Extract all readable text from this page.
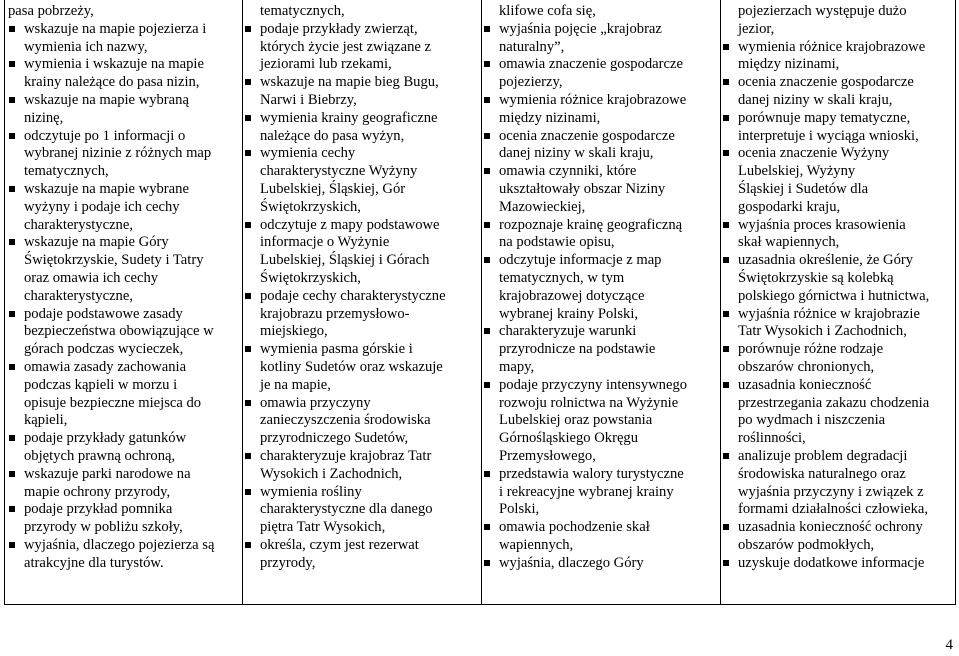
pasa pobrzeży,
wskazuje na mapie pojezierza i
wymienia ich nazwy,
wymienia i wskazuje na mapie
krainy należące do pasa nizin,
wskazuje na mapie wybraną
nizinę,
odczytuje po 1 informacji o
wybranej nizinie z różnych map
tematycznych,
wskazuje na mapie wybrane
wyżyny i podaje ich cechy
charakterystyczne,
wskazuje na mapie Góry
Świętokrzyskie, Sudety i Tatry
oraz omawia ich cechy
charakterystyczne,
podaje podstawowe zasady
bezpieczeństwa obowiązujące w
górach podczas wycieczek,
omawia zasady zachowania
podczas kąpieli w morzu i
opisuje bezpieczne miejsca do
kąpieli,
podaje przykłady gatunków
objętych prawną ochroną,
wskazuje parki narodowe na
mapie ochrony przyrody,
podaje przykład pomnika
przyrody w pobliżu szkoły,
wyjaśnia, dlaczego pojezierza są
atrakcyjne dla turystów.
tematycznych,
podaje przykłady zwierząt,
których życie jest związane z
jeziorami lub rzekami,
wskazuje na mapie bieg Bugu,
Narwi i Biebrzy,
wymienia krainy geograficzne
należące do pasa wyżyn,
wymienia cechy
charakterystyczne Wyżyny
Lubelskiej, Śląskiej, Gór
Świętokrzyskich,
odczytuje z mapy podstawowe
informacje o Wyżynie
Lubelskiej, Śląskiej i Górach
Świętokrzyskich,
podaje cechy charakterystyczne
krajobrazu przemysłowo-
miejskiego,
wymienia pasma górskie i
kotliny Sudetów oraz wskazuje
je na mapie,
omawia przyczyny
zanieczyszczenia środowiska
przyrodniczego Sudetów,
charakteryzuje krajobraz Tatr
Wysokich i Zachodnich,
wymienia rośliny
charakterystyczne dla danego
piętra Tatr Wysokich,
określa, czym jest rezerwat
przyrody,
klifowe cofa się,
wyjaśnia pojęcie „krajobraz
naturalny”,
omawia znaczenie gospodarcze
pojezierzy,
wymienia różnice krajobrazowe
między nizinami,
ocenia znaczenie gospodarcze
danej niziny w skali kraju,
omawia czynniki, które
ukształtowały obszar Niziny
Mazowieckiej,
rozpoznaje krainę geograficzną
na podstawie opisu,
odczytuje informacje z map
tematycznych, w tym
krajobrazowej dotyczące
wybranej krainy Polski,
charakteryzuje warunki
przyrodnicze na podstawie
mapy,
podaje przyczyny intensywnego
rozwoju rolnictwa na Wyżynie
Lubelskiej oraz powstania
Górnośląskiego Okręgu
Przemysłowego,
przedstawia walory turystyczne
i rekreacyjne wybranej krainy
Polski,
omawia pochodzenie skał
wapiennych,
wyjaśnia, dlaczego Góry
pojezierzach występuje dużo
jezior,
wymienia różnice krajobrazowe
między nizinami,
ocenia znaczenie gospodarcze
danej niziny w skali kraju,
porównuje mapy tematyczne,
interpretuje i wyciąga wnioski,
ocenia znaczenie Wyżyny
Lubelskiej, Wyżyny
Śląskiej i Sudetów dla
gospodarki kraju,
wyjaśnia proces krasowienia
skał wapiennych,
uzasadnia określenie, że Góry
Świętokrzyskie są kolebką
polskiego górnictwa i hutnictwa,
wyjaśnia różnice w krajobrazie
Tatr Wysokich i Zachodnich,
porównuje różne rodzaje
obszarów chronionych,
uzasadnia konieczność
przestrzegania zakazu chodzenia
po wydmach i niszczenia
roślinności,
analizuje problem degradacji
środowiska naturalnego oraz
wyjaśnia przyczyny i związek z
formami działalności człowieka,
uzasadnia konieczność ochrony
obszarów podmokłych,
uzyskuje dodatkowe informacje
4
